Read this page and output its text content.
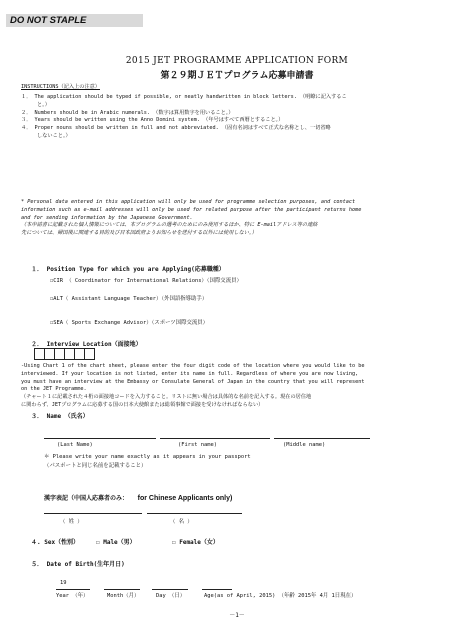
DO NOT STAPLE
2015 JET PROGRAMME APPLICATION FORM
第２９期ＪＥＴプログラム応募申請書
INSTRUCTIONS（記入上の注意）
１． The application should be typed if possible, or neatly handwritten in block letters. （明瞭に記入するこ
と。）
２． Numbers should be in Arabic numerals. （数字は算用数字を用いること。）
３． Years should be written using the Anno Domini system. （年号はすべて西暦とすること。）
４． Proper nouns should be written in full and not abbreviated. （固有名詞はすべて正式な名称とし、一切省略
しないこと。）
* Personal data entered in this application will only be used for programme selection purposes, and contact
information such as e-mail addresses will only be used for related purpose after the participant returns home
and for sending information by the Japanese Government.
（本申請書に記載された個人情報については、本プログラムの選考のためにのみ使用するほか、特に E-mailアドレス等の連絡
先については、帰国後に関連する目的及び日本国政府よりお知らせを送付する以外には使用しない。）
１． Position Type for which you are Applying(応募職種）
☐CIR （ Coordinator for International Relations）（国際交流員）
☐ALT（ Assistant Language Teacher）（外国語指導助手）
☐SEA（ Sports Exchange Advisor）（スポーツ国際交流員）
２． Interview Location（面接地）
-Using Chart 1 of the chart sheet, please enter the four digit code of the location where you would like to be
interviewed. If your location is not listed, enter its name in full. Regardless of where you are now living,
you must have an interview at the Embassy or Consulate General of Japan in the country that you will represent
on the JET Programme.
（チャート１に記載された４桁の面接地コードを入力すること。リストに無い場合は具体的な名前を記入する。現在の居住地
に関わらず、JETプログラムに応募する国の日本大使館または総領事館で面接を受けなければならない）
３． Name （氏名）
(Last Name)	(First name)	(Middle name)
＊ Please write your name exactly as it appears in your passport
（パスポートと同じ名前を記載すること）
漢字表記（中国人応募者のみ： for Chinese Applicants only)
（ 姓 ）	（ 名 ）
４. Sex（性別）	☐ Male（男）	☐ Female（女）
５． Date of Birth(生年月日)
19
Year （年）	Month（月）	Day （日）	Age(as of April, 2015) （年齢 2015年 4月 1日現在）
－1－
